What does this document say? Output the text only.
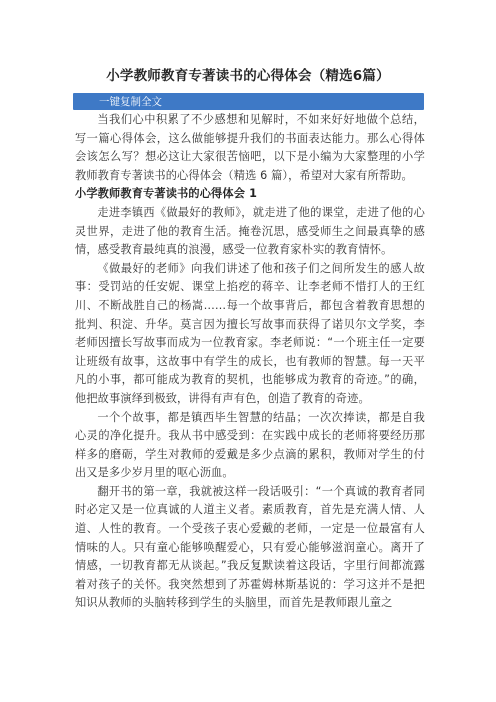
小学教师教育专著读书的心得体会（精选6篇）
一键复制全文

当我们心中积累了不少感想和见解时，不如来好好地做个总结，写一篇心得体会，这么做能够提升我们的书面表达能力。那么心得体会该怎么写？想必这让大家很苦恼吧，以下是小编为大家整理的小学教师教育专著读书的心得体会（精选 6 篇），希望对大家有所帮助。

小学教师教育专著读书的心得体会 1

走进李镇西《做最好的教师》，就走进了他的课堂，走进了他的心灵世界，走进了他的教育生活。掩卷沉思，感受师生之间最真挚的感情，感受教育最纯真的浪漫，感受一位教育家朴实的教育情怀。

《做最好的老师》向我们讲述了他和孩子们之间所发生的感人故事：受罚站的任安妮、课堂上掐疙的蒋辛、让李老师不惜打人的王红川、不断战胜自己的杨嵩……每一个故事背后，都包含着教育思想的批判、积淀、升华。莫言因为擅长写故事而获得了诺贝尔文学奖，李老师因擅长写故事而成为一位教育家。李老师说：“一个班主任一定要让班级有故事，这故事中有学生的成长，也有教师的智慧。每一天平凡的小事，都可能成为教育的契机，也能够成为教育的奇迹。”的确，他把故事演绎到极致，讲得有声有色，创造了教育的奇迹。

一个个故事，都是镇西毕生智慧的结晶；一次次捧读，都是自我心灵的净化提升。我从书中感受到：在实践中成长的老师将要经历那样多的磨砺，学生对教师的爱戴是多少点滴的累积，教师对学生的付出又是多少岁月里的呕心沥血。

翻开书的第一章，我就被这样一段话吸引：“一个真诚的教育者同时必定又是一位真诚的人道主义者。素质教育，首先是充满人情、人道、人性的教育。一个受孩子衷心爱戴的老师，一定是一位最富有人情味的人。只有童心能够唤醒爱心，只有爱心能够滋润童心。离开了情感，一切教育都无从谈起。”我反复默读着这段话，字里行间都流露着对孩子的关怀。我突然想到了苏霍姆林斯基说的：学习这并不是把知识从教师的头脑转移到学生的头脑里，而首先是教师跟儿童之
